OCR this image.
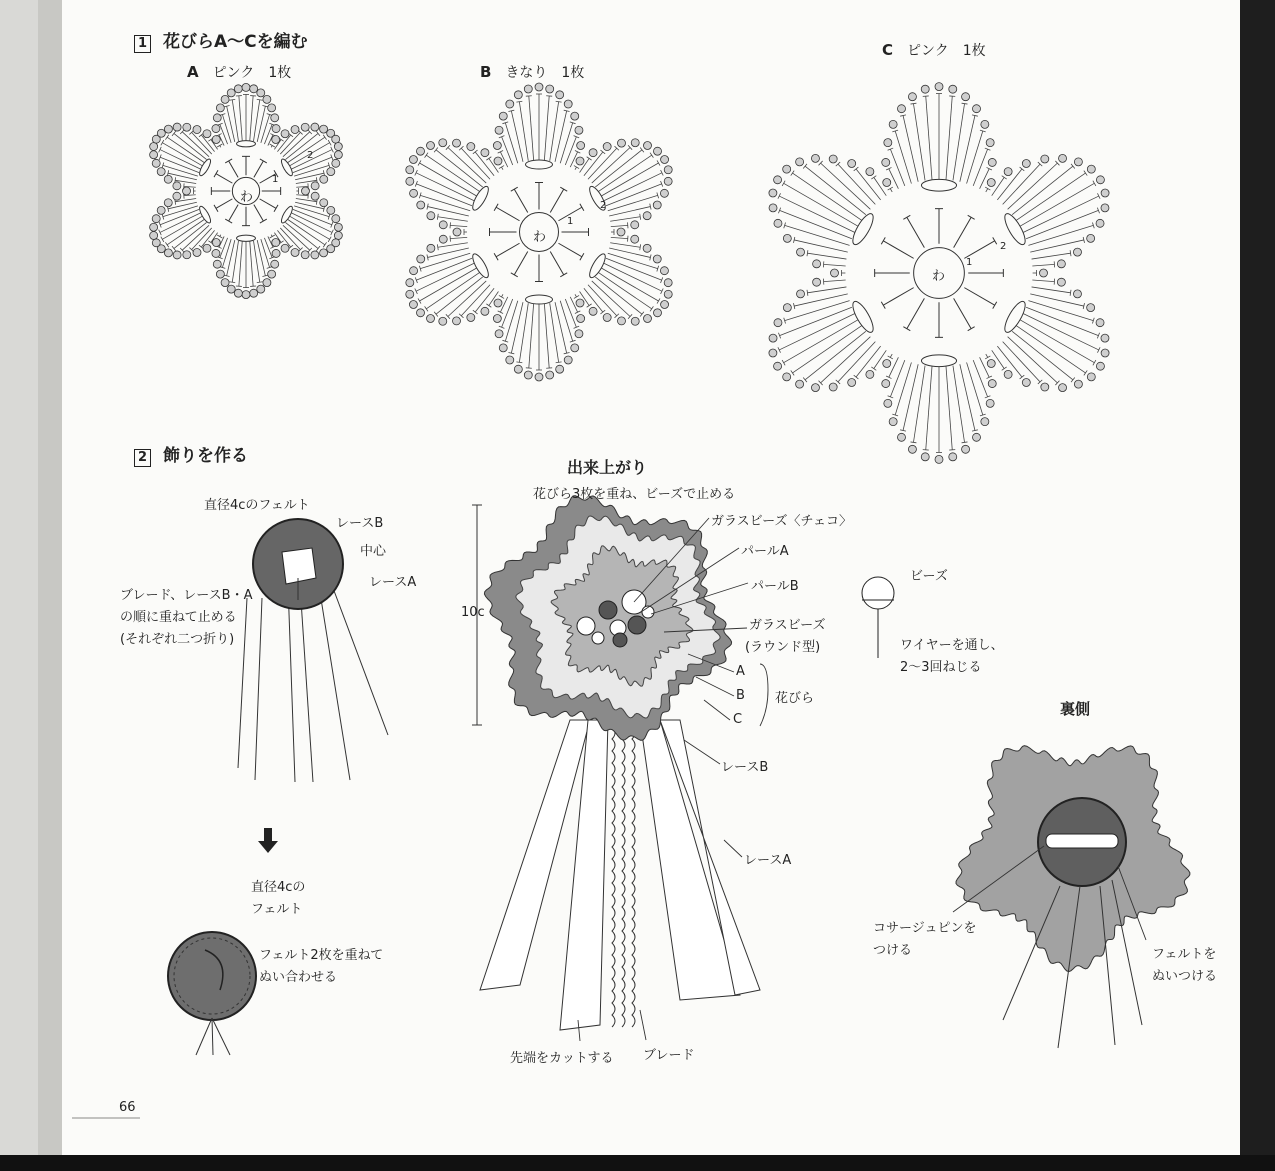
1 花びらA〜Cを編む
A ピンク　1枚	B きなり　1枚
C ピンク　1枚
わ
1
2
わ
1
2
わ
1
2
2 飾りを作る
直径4cのフェルト
レースB
中心
レースA
ブレード、レースB・A
の順に重ねて止める
(それぞれ二つ折り)
直径4cの
フェルト
フェルト2枚を重ねて
ぬい合わせる
出来上がり
花びら3枚を重ね、ビーズで止める
10c
ガラスビーズ〈チェコ〉
パールA
パールB
ガラスビーズ
(ラウンド型)
A
B
C
花びら
レースB
レースA
先端をカットする ブレード
ビーズ
ワイヤーを通し、
2〜3回ねじる
裏側
コサージュピンを
つける	フェルトを
ぬいつける
66
